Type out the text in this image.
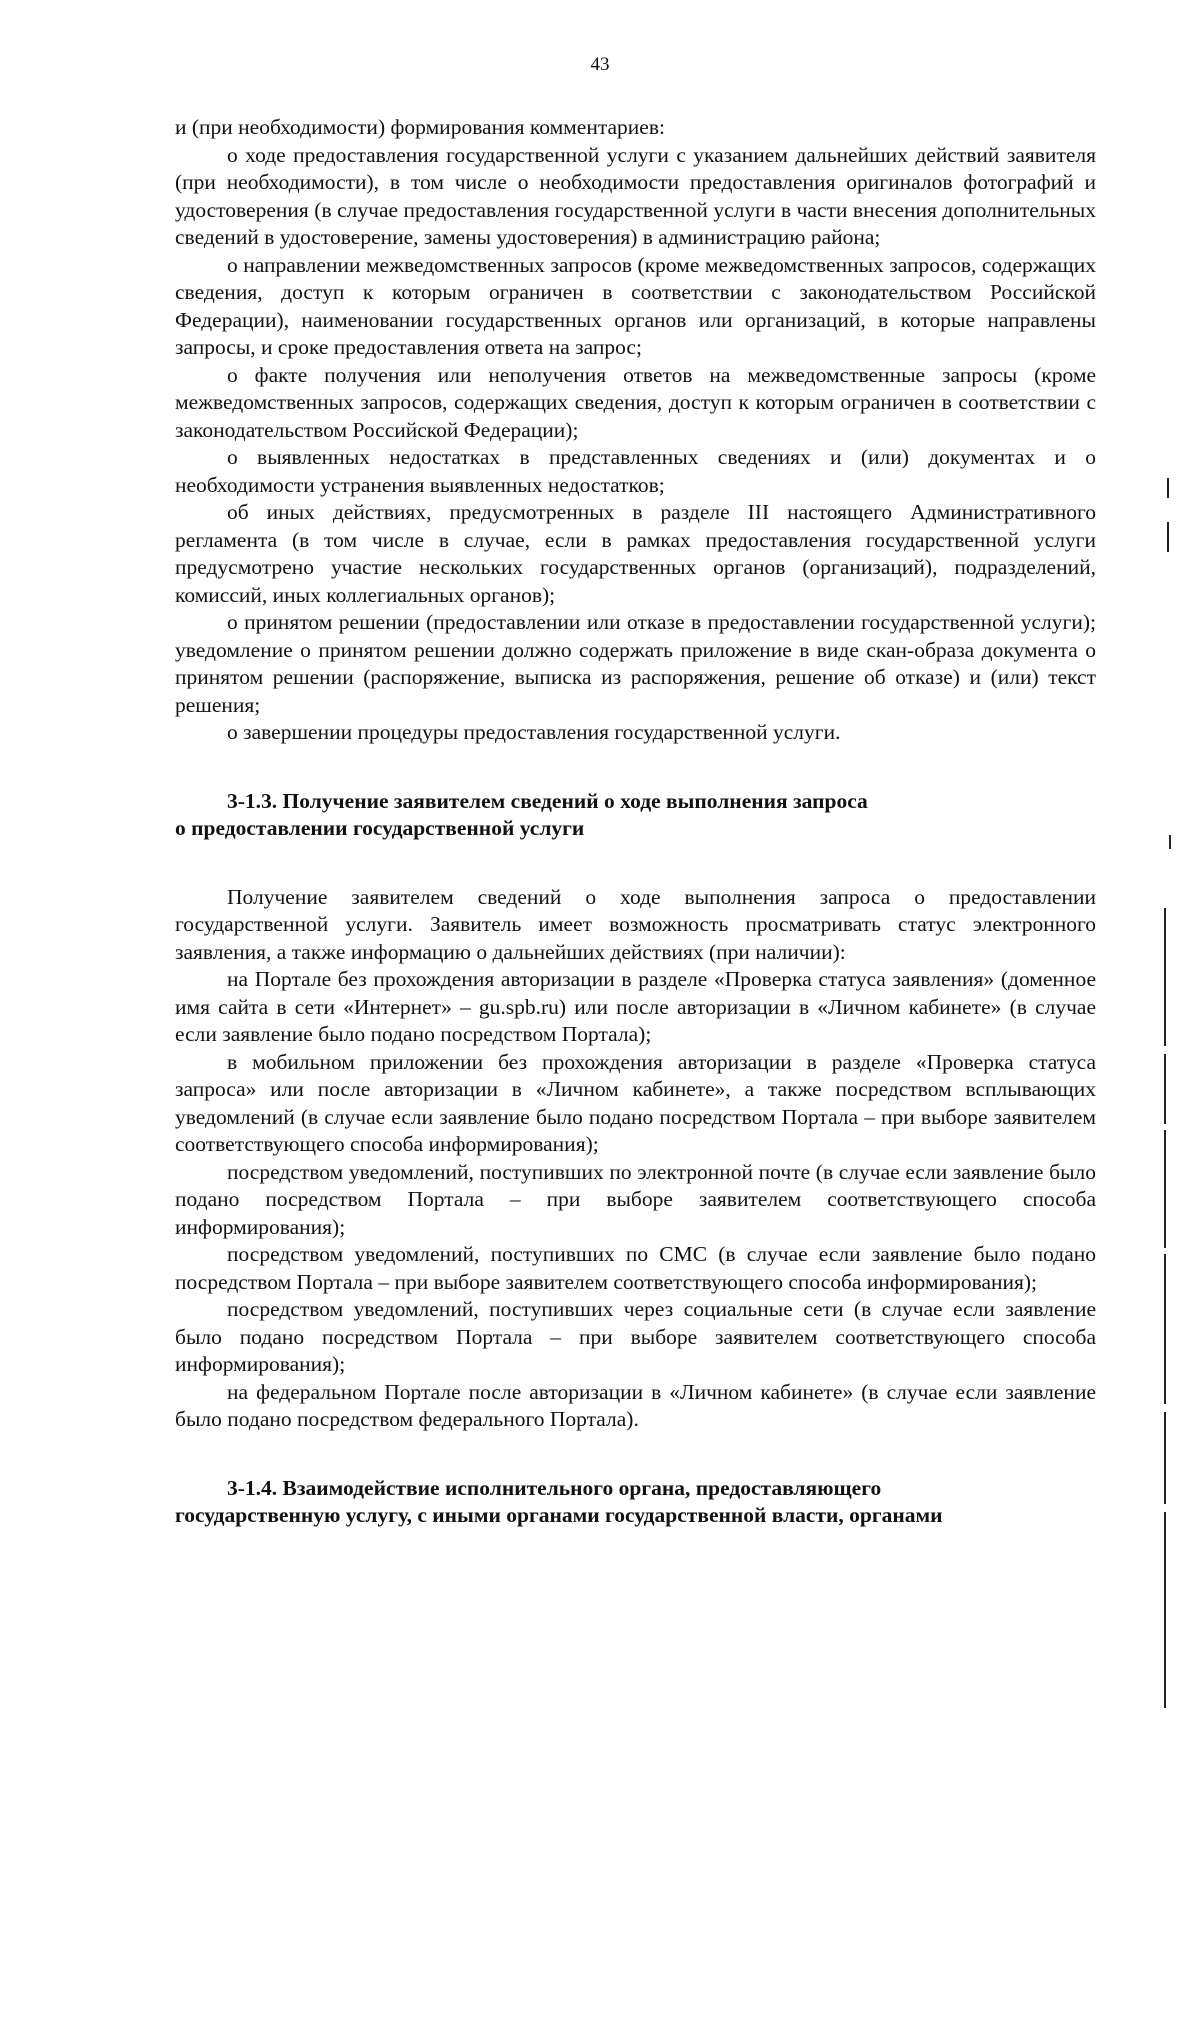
43

и (при необходимости) формирования комментариев:

о ходе предоставления государственной услуги с указанием дальнейших действий заявителя (при необходимости), в том числе о необходимости предоставления оригиналов фотографий и удостоверения (в случае предоставления государственной услуги в части внесения дополнительных сведений в удостоверение, замены удостоверения) в администрацию района;

о направлении межведомственных запросов (кроме межведомственных запросов, содержащих сведения, доступ к которым ограничен в соответствии с законодательством Российской Федерации), наименовании государственных органов или организаций, в которые направлены запросы, и сроке предоставления ответа на запрос;

о факте получения или неполучения ответов на межведомственные запросы (кроме межведомственных запросов, содержащих сведения, доступ к которым ограничен в соответствии с законодательством Российской Федерации);

о выявленных недостатках в представленных сведениях и (или) документах и о необходимости устранения выявленных недостатков;

об иных действиях, предусмотренных в разделе III настоящего Административного регламента (в том числе в случае, если в рамках предоставления государственной услуги предусмотрено участие нескольких государственных органов (организаций), подразделений, комиссий, иных коллегиальных органов);

о принятом решении (предоставлении или отказе в предоставлении государственной услуги); уведомление о принятом решении должно содержать приложение в виде скан-образа документа о принятом решении (распоряжение, выписка из распоряжения, решение об отказе) и (или) текст решения;

о завершении процедуры предоставления государственной услуги.

3-1.3. Получение заявителем сведений о ходе выполнения запроса

о предоставлении государственной услуги

Получение заявителем сведений о ходе выполнения запроса о предоставлении государственной услуги. Заявитель имеет возможность просматривать статус электронного заявления, а также информацию о дальнейших действиях (при наличии):

на Портале без прохождения авторизации в разделе «Проверка статуса заявления» (доменное имя сайта в сети «Интернет» – gu.spb.ru) или после авторизации в «Личном кабинете» (в случае если заявление было подано посредством Портала);

в мобильном приложении без прохождения авторизации в разделе «Проверка статуса запроса» или после авторизации в «Личном кабинете», а также посредством всплывающих уведомлений (в случае если заявление было подано посредством Портала – при выборе заявителем соответствующего способа информирования);

посредством уведомлений, поступивших по электронной почте (в случае если заявление было подано посредством Портала – при выборе заявителем соответствующего способа информирования);

посредством уведомлений, поступивших по СМС (в случае если заявление было подано посредством Портала – при выборе заявителем соответствующего способа информирования);

посредством уведомлений, поступивших через социальные сети (в случае если заявление было подано посредством Портала – при выборе заявителем соответствующего способа информирования);

на федеральном Портале после авторизации в «Личном кабинете» (в случае если заявление было подано посредством федерального Портала).

3-1.4. Взаимодействие исполнительного органа, предоставляющего

государственную услугу, с иными органами государственной власти, органами
